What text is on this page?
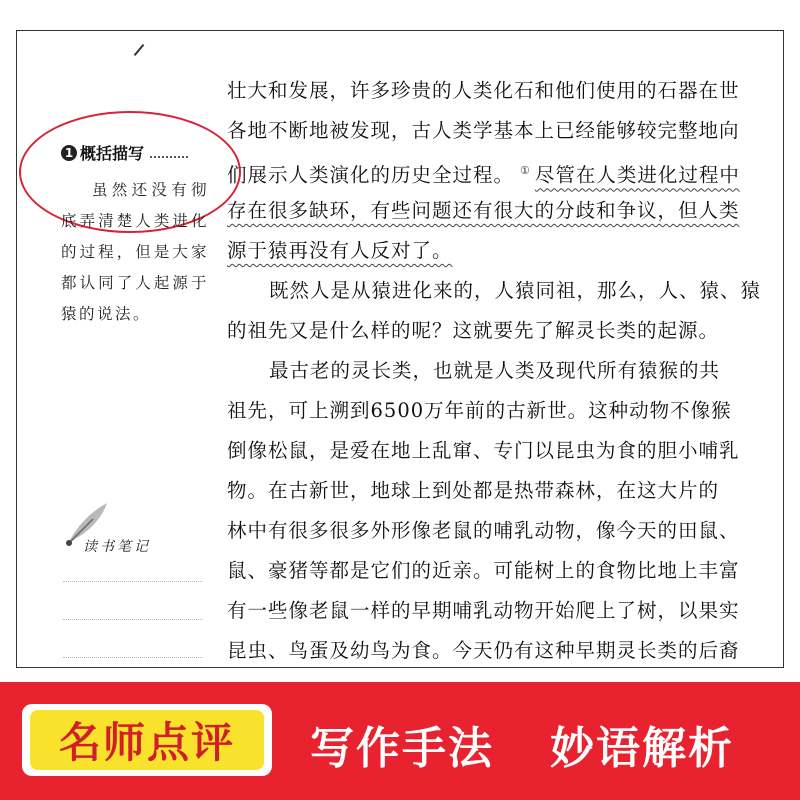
1 概括描写
虽然还没有彻底弄清楚人类进化的过程，但是大家都认同了人起源于猿的说法。
读书笔记
壮大和发展，许多珍贵的人类化石和他们使用的石器在世
各地不断地被发现，古人类学基本上已经能够较完整地向
们展示人类演化的历史全过程。 ① 尽管在人类进化过程中
存在很多缺环，有些问题还有很大的分歧和争议，但人类
源于猿再没有人反对了。
既然人是从猿进化来的，人猿同祖，那么，人、猿、猿
的祖先又是什么样的呢？这就要先了解灵长类的起源。
最古老的灵长类，也就是人类及现代所有猿猴的共
祖先，可上溯到6500万年前的古新世。这种动物不像猴
倒像松鼠，是爱在地上乱窜、专门以昆虫为食的胆小哺乳
物。在古新世，地球上到处都是热带森林，在这大片的
林中有很多很多外形像老鼠的哺乳动物，像今天的田鼠、
鼠、豪猪等都是它们的近亲。可能树上的食物比地上丰富
有一些像老鼠一样的早期哺乳动物开始爬上了树，以果实
昆虫、鸟蛋及幼鸟为食。今天仍有这种早期灵长类的后裔
名师点评	写作手法 妙语解析
